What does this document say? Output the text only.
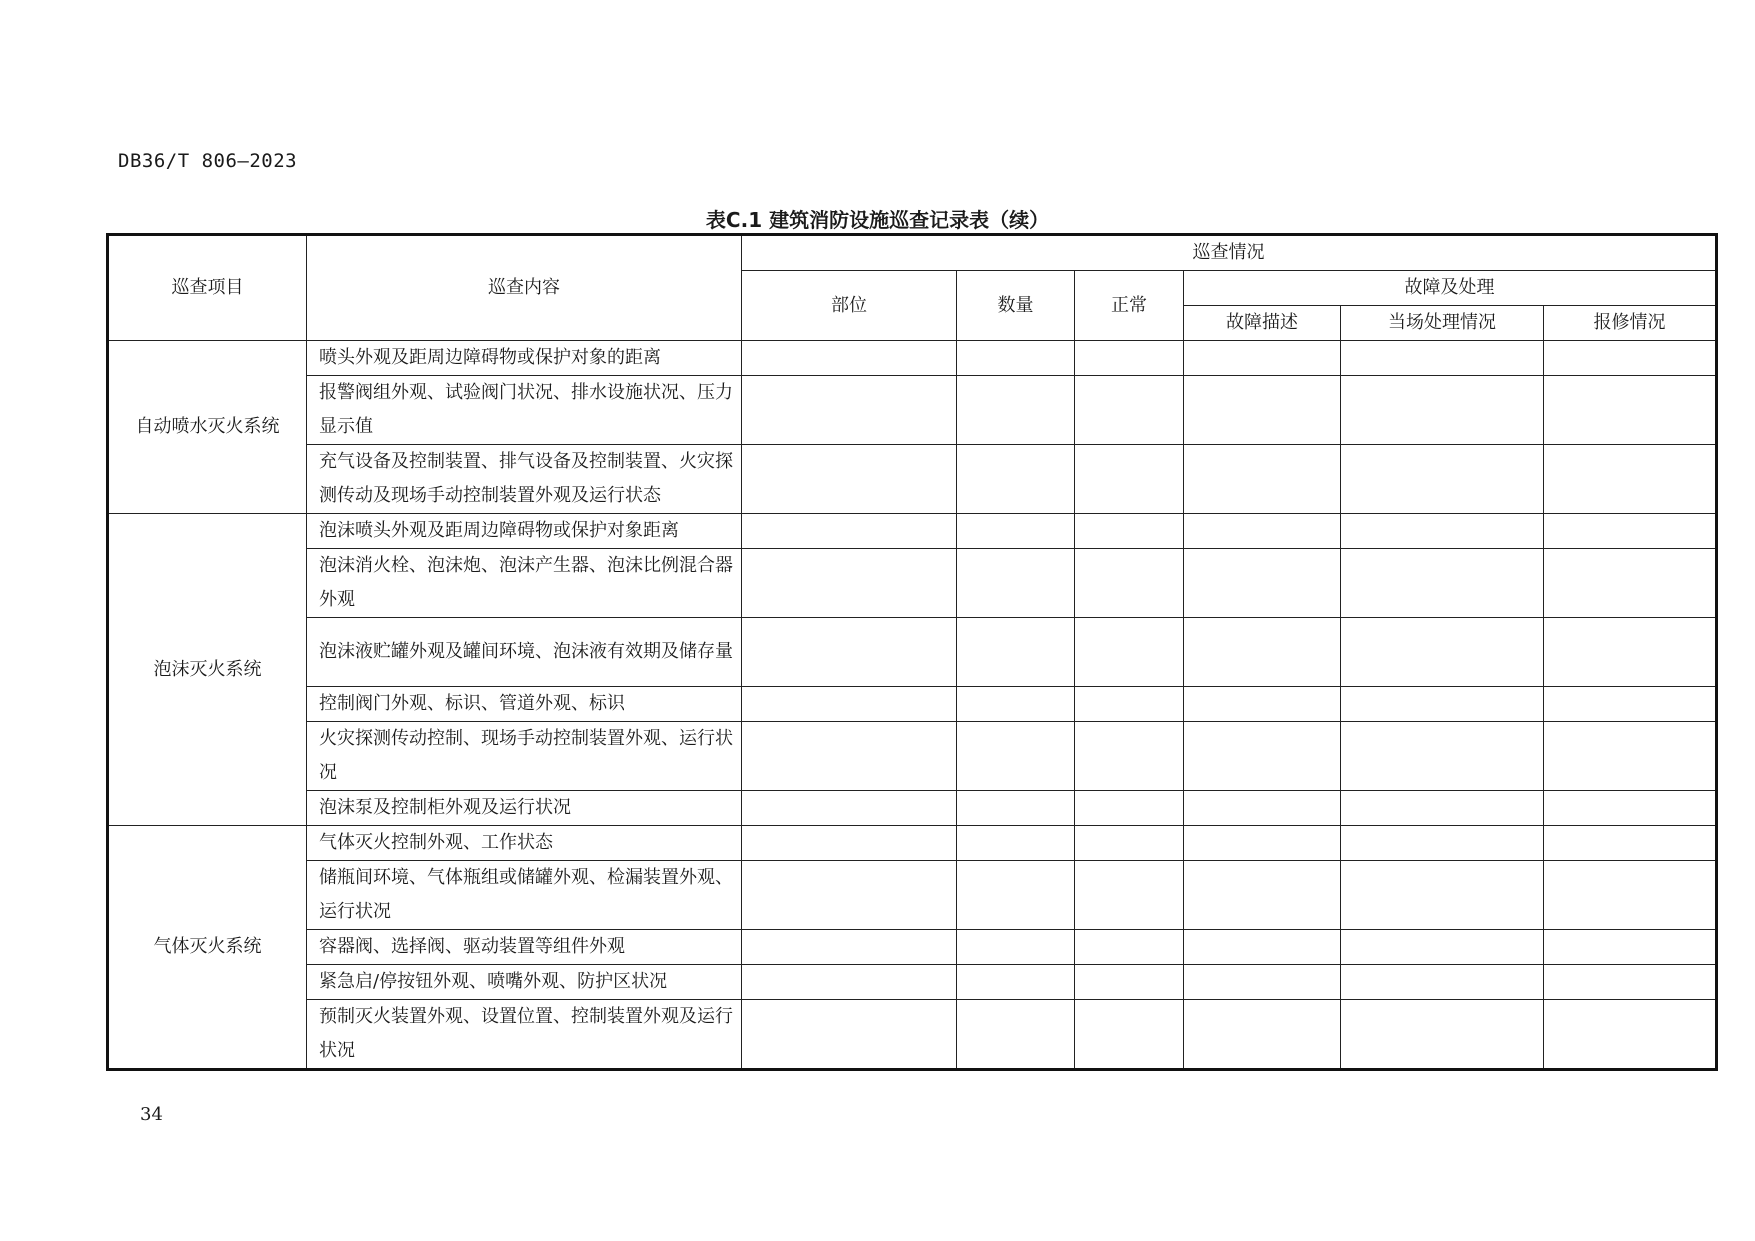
DB36/T 806—2023
表C.1 建筑消防设施巡查记录表（续）
巡查项目	巡查内容	巡查情况					
		部位	数量	正常	故障及处理		
					故障描述	当场处理情况	报修情况
自动喷水灭火系统	喷头外观及距周边障碍物或保护对象的距离						
	报警阀组外观、试验阀门状况、排水设施状况、压力显示值						
	充气设备及控制装置、排气设备及控制装置、火灾探测传动及现场手动控制装置外观及运行状态						
泡沫灭火系统	泡沫喷头外观及距周边障碍物或保护对象距离						
	泡沫消火栓、泡沫炮、泡沫产生器、泡沫比例混合器外观						
	泡沫液贮罐外观及罐间环境、泡沫液有效期及储存量						
	控制阀门外观、标识、管道外观、标识						
	火灾探测传动控制、现场手动控制装置外观、运行状况						
	泡沫泵及控制柜外观及运行状况						
气体灭火系统	气体灭火控制外观、工作状态						
	储瓶间环境、气体瓶组或储罐外观、检漏装置外观、运行状况						
	容器阀、选择阀、驱动装置等组件外观						
	紧急启/停按钮外观、喷嘴外观、防护区状况						
	预制灭火装置外观、设置位置、控制装置外观及运行状况						
34
